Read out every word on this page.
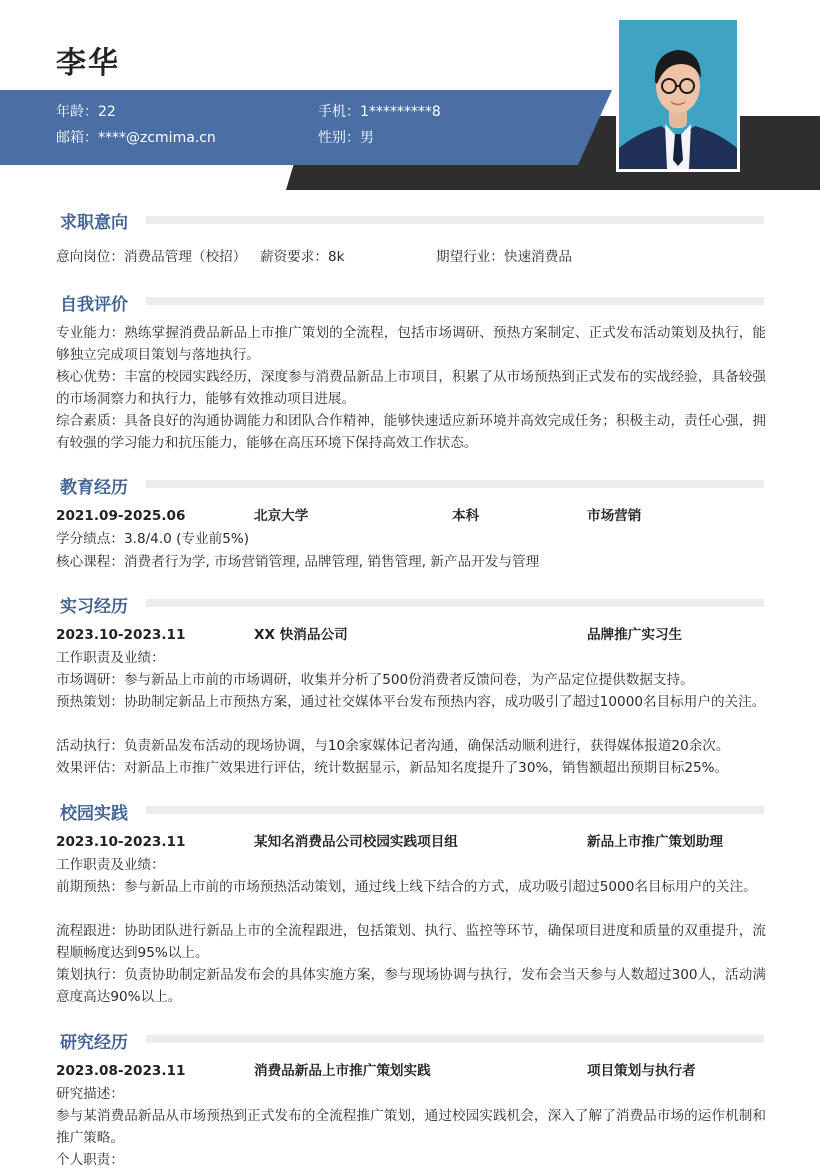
李华
年龄：22	手机：1*********8
邮箱：****@zcmima.cn	性别：男
求职意向
意向岗位：消费品管理（校招） 薪资要求：8k	期望行业：快速消费品
自我评价
专业能力：熟练掌握消费品新品上市推广策划的全流程，包括市场调研、预热方案制定、正式发布活动策划及执行，能够独立完成项目策划与落地执行。
核心优势：丰富的校园实践经历，深度参与消费品新品上市项目，积累了从市场预热到正式发布的实战经验，具备较强的市场洞察力和执行力，能够有效推动项目进展。
综合素质：具备良好的沟通协调能力和团队合作精神，能够快速适应新环境并高效完成任务；积极主动，责任心强，拥有较强的学习能力和抗压能力，能够在高压环境下保持高效工作状态。
教育经历
2021.09-2025.06	北京大学	本科	市场营销
学分绩点：3.8/4.0 (专业前5%)
核心课程：消费者行为学, 市场营销管理, 品牌管理, 销售管理, 新产品开发与管理
实习经历
2023.10-2023.11	XX 快消品公司	品牌推广实习生
工作职责及业绩：
市场调研：参与新品上市前的市场调研，收集并分析了500份消费者反馈问卷，为产品定位提供数据支持。
预热策划：协助制定新品上市预热方案，通过社交媒体平台发布预热内容，成功吸引了超过10000名目标用户的关注。
活动执行：负责新品发布活动的现场协调，与10余家媒体记者沟通，确保活动顺利进行，获得媒体报道20余次。
效果评估：对新品上市推广效果进行评估，统计数据显示，新品知名度提升了30%，销售额超出预期目标25%。
校园实践
2023.10-2023.11	某知名消费品公司校园实践项目组	新品上市推广策划助理
工作职责及业绩：
前期预热：参与新品上市前的市场预热活动策划，通过线上线下结合的方式，成功吸引超过5000名目标用户的关注。
流程跟进：协助团队进行新品上市的全流程跟进，包括策划、执行、监控等环节，确保项目进度和质量的双重提升，流程顺畅度达到95%以上。
策划执行：负责协助制定新品发布会的具体实施方案，参与现场协调与执行，发布会当天参与人数超过300人，活动满意度高达90%以上。
研究经历
2023.08-2023.11	消费品新品上市推广策划实践	项目策划与执行者
研究描述：
参与某消费品新品从市场预热到正式发布的全流程推广策划，通过校园实践机会，深入了解了消费品市场的运作机制和推广策略。
个人职责：
